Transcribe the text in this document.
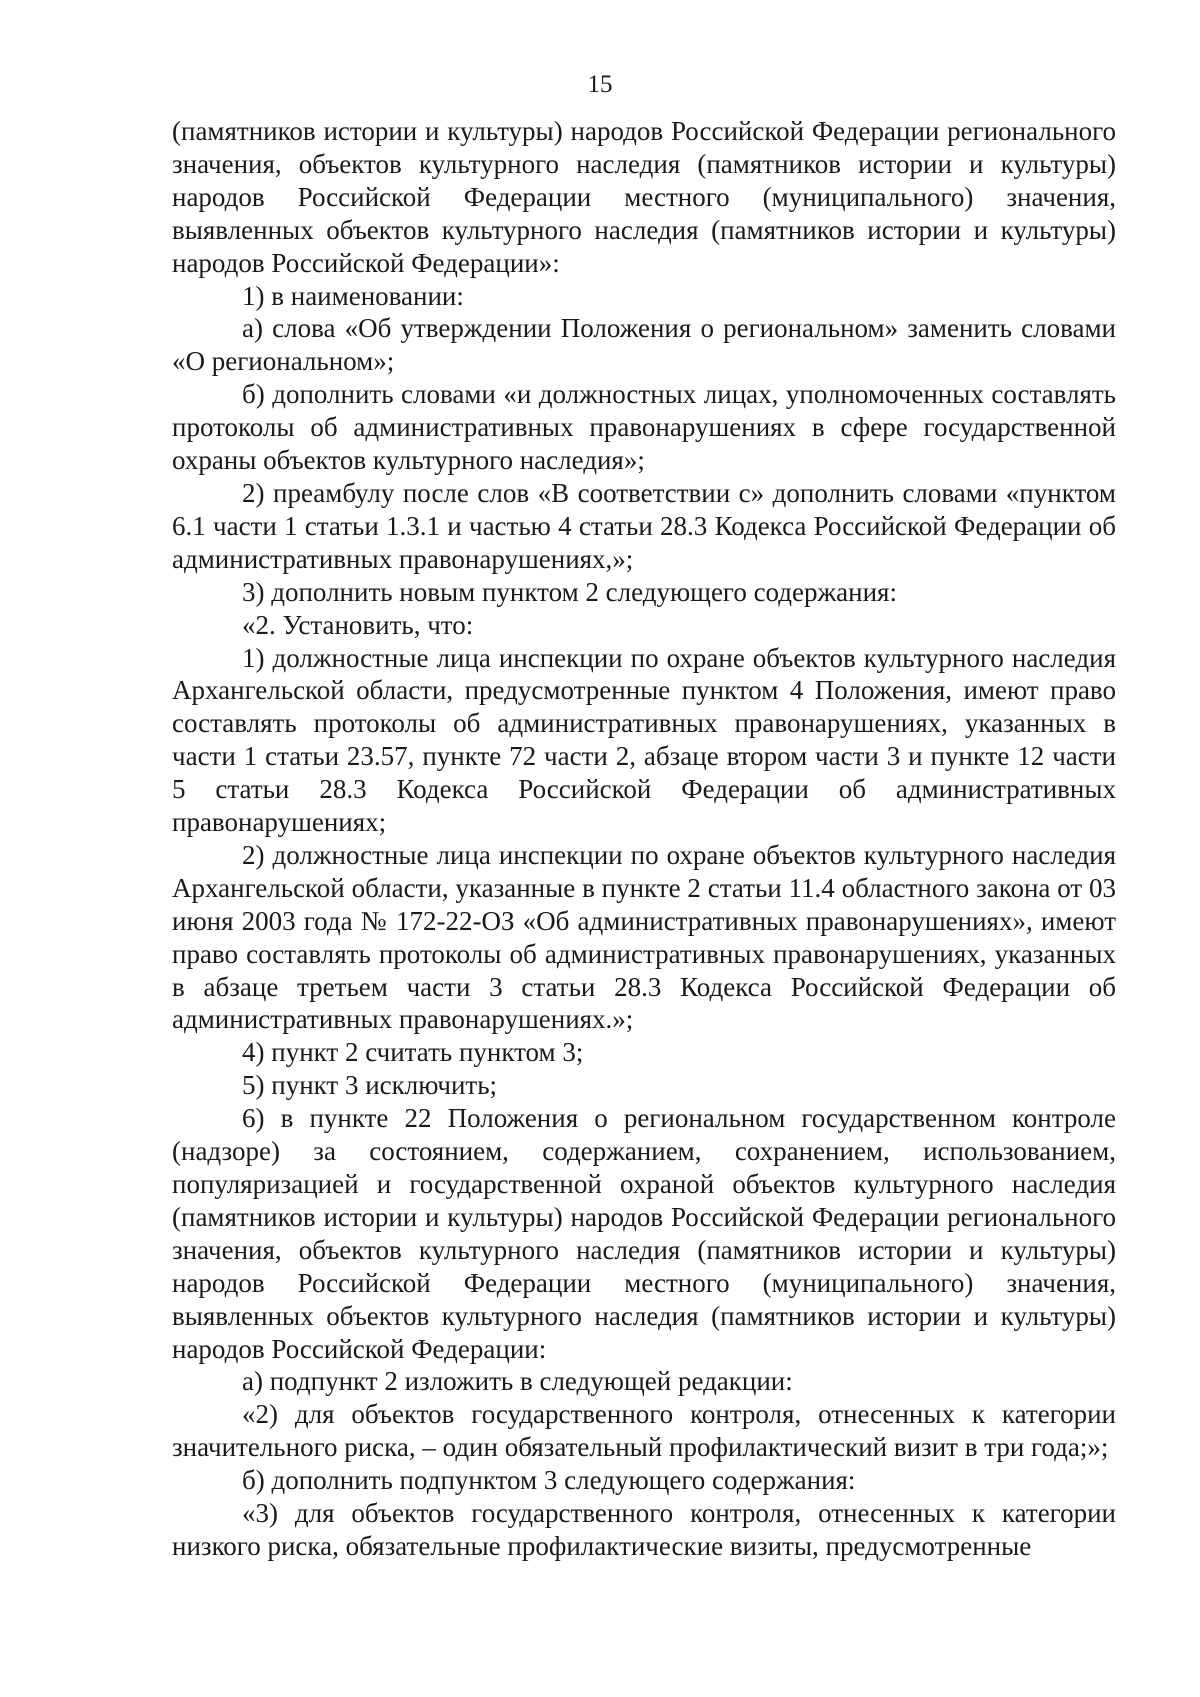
15

(памятников истории и культуры) народов Российской Федерации регионального значения, объектов культурного наследия (памятников истории и культуры) народов Российской Федерации местного (муниципального) значения, выявленных объектов культурного наследия (памятников истории и культуры) народов Российской Федерации»:

1) в наименовании:

а) слова «Об утверждении Положения о региональном» заменить словами «О региональном»;

б) дополнить словами «и должностных лицах, уполномоченных составлять протоколы об административных правонарушениях в сфере государственной охраны объектов культурного наследия»;

2) преамбулу после слов «В соответствии с» дополнить словами «пунктом 6.1 части 1 статьи 1.3.1 и частью 4 статьи 28.3 Кодекса Российской Федерации об административных правонарушениях,»;

3) дополнить новым пунктом 2 следующего содержания:

«2. Установить, что:

1) должностные лица инспекции по охране объектов культурного наследия Архангельской области, предусмотренные пунктом 4 Положения, имеют право составлять протоколы об административных правонарушениях, указанных в части 1 статьи 23.57, пункте 72 части 2, абзаце втором части 3 и пункте 12 части 5 статьи 28.3 Кодекса Российской Федерации об административных правонарушениях;

2) должностные лица инспекции по охране объектов культурного наследия Архангельской области, указанные в пункте 2 статьи 11.4 областного закона от 03 июня 2003 года № 172-22-ОЗ «Об административных правонарушениях», имеют право составлять протоколы об административных правонарушениях, указанных в абзаце третьем части 3 статьи 28.3 Кодекса Российской Федерации об административных правонарушениях.»;

4) пункт 2 считать пунктом 3;

5) пункт 3 исключить;

6) в пункте 22 Положения о региональном государственном контроле (надзоре) за состоянием, содержанием, сохранением, использованием, популяризацией и государственной охраной объектов культурного наследия (памятников истории и культуры) народов Российской Федерации регионального значения, объектов культурного наследия (памятников истории и культуры) народов Российской Федерации местного (муниципального) значения, выявленных объектов культурного наследия (памятников истории и культуры) народов Российской Федерации:

а) подпункт 2 изложить в следующей редакции:

«2) для объектов государственного контроля, отнесенных к категории значительного риска, – один обязательный профилактический визит в три года;»;

б) дополнить подпунктом 3 следующего содержания:

«3) для объектов государственного контроля, отнесенных к категории низкого риска, обязательные профилактические визиты, предусмотренные
